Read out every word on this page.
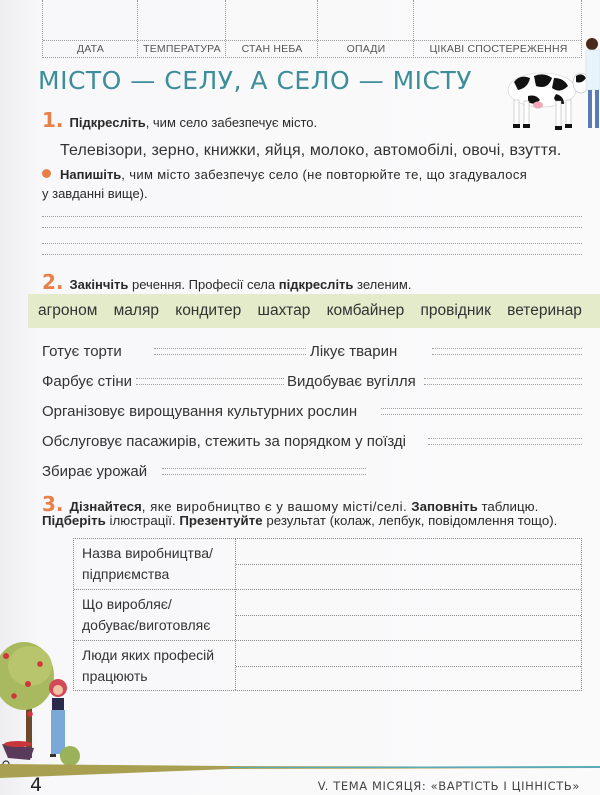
ДАТА	ТЕМПЕРАТУРА	СТАН НЕБА	ОПАДИ	ЦІКАВІ СПОСТЕРЕЖЕННЯ
МІСТО — СЕЛУ, А СЕЛО — МІСТУ
1. Підкресліть , чим село забезпечує місто.
Телевізори, зерно, книжки, яйця, молоко, автомобілі, овочі, взуття.
Напишіть , чим місто забезпечує село (не повторюйте те, що згадувалося
у завданні вище).
2. Закінчіть речення. Професії села підкресліть зеленим.
агроном маляр кондитер шахтар комбайнер провідник ветеринар
Готує торти	Лікує тварин
Фарбує стіни	Видобуває вугілля
Організовує вирощування культурних рослин
Обслуговує пасажирів, стежить за порядком у поїзді
Збирає урожай
3. Дізнайтеся , яке виробництво є у вашому місті/селі. Заповніть таблицю.
Підберіть ілюстрації. Презентуйте результат (колаж, лепбук, повідомлення тощо).
Назва виробництва/
підприємства
Що виробляє/
добуває/виготовляє
Люди яких професій
працюють
4	V. ТЕМА МІСЯЦЯ: «ВАРТІСТЬ І ЦІННІСТЬ»
